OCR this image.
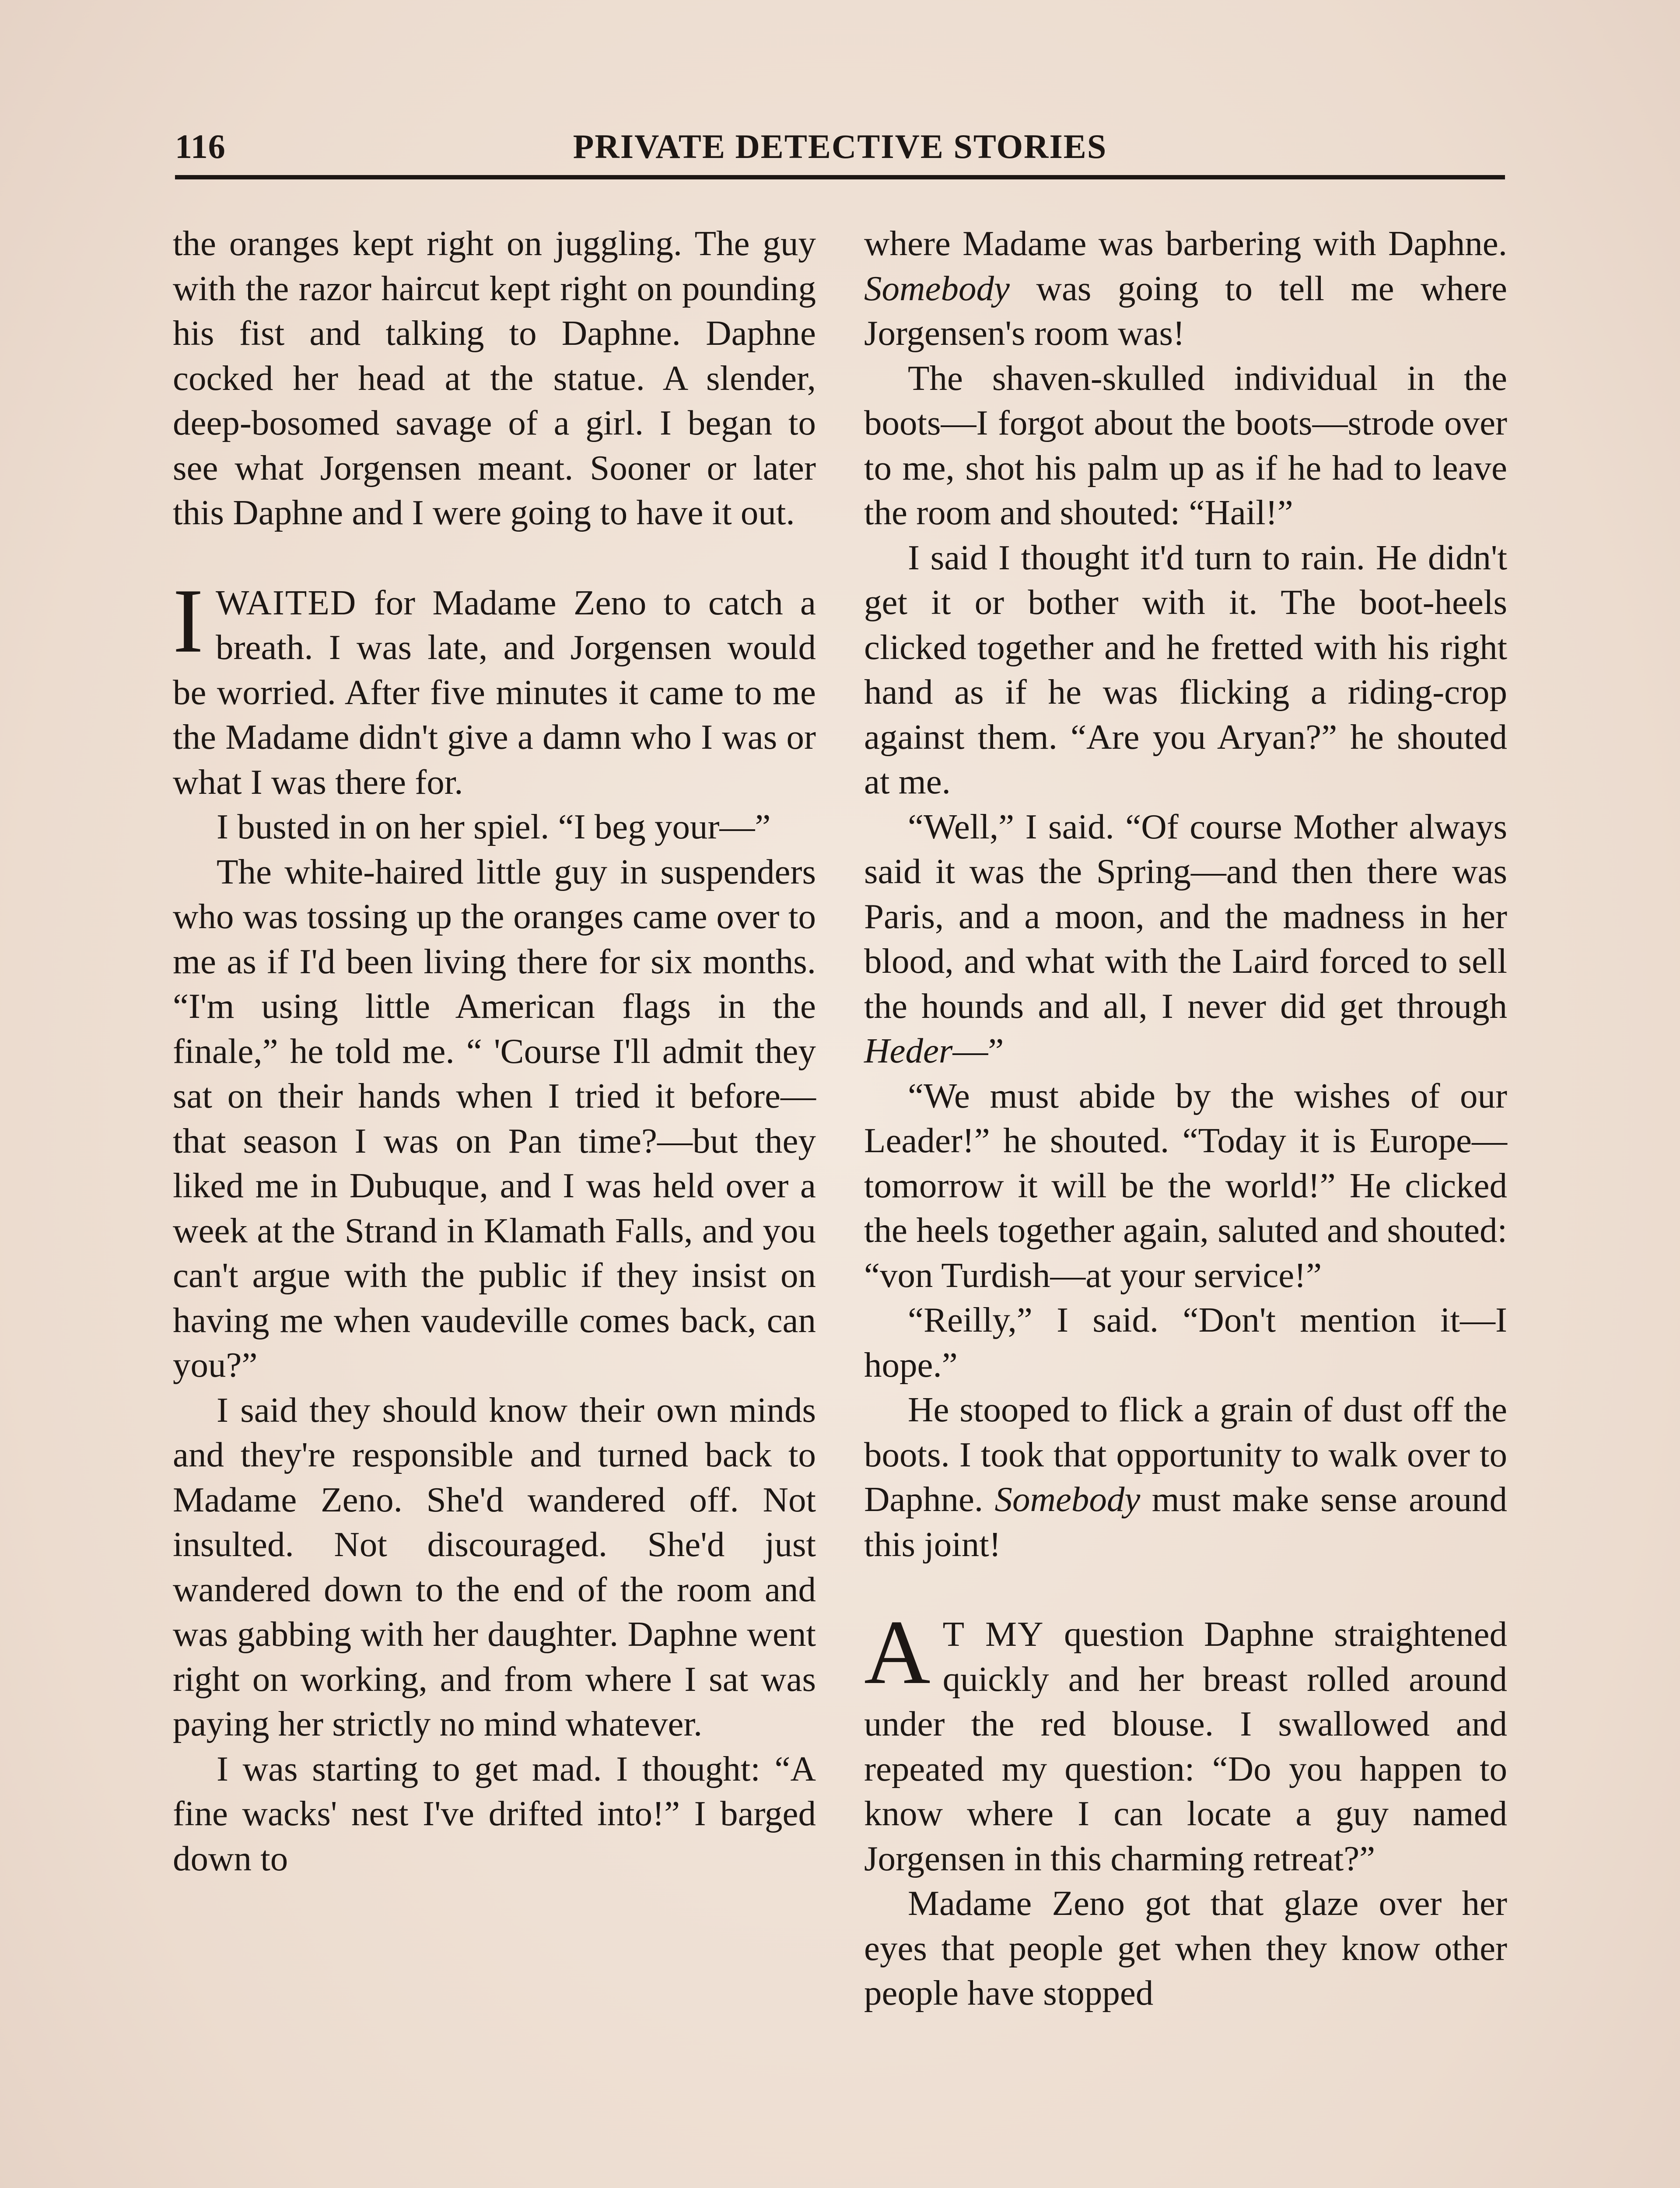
116	PRIVATE DETECTIVE STORIES

the oranges kept right on juggling. The guy with the razor haircut kept right on pounding his fist and talking to Daphne. Daphne cocked her head at the statue. A slender, deep-bosomed savage of a girl. I began to see what Jorgensen meant. Sooner or later this Daphne and I were going to have it out.

IWAITED for Madame Zeno to catch a breath. I was late, and Jorgensen would be worried. After five minutes it came to me the Madame didn't give a damn who I was or what I was there for.

I busted in on her spiel. “I beg your—”

The white-haired little guy in suspenders who was tossing up the oranges came over to me as if I'd been living there for six months. “I'm using little American flags in the finale,” he told me. “ 'Course I'll admit they sat on their hands when I tried it before—that season I was on Pan time?—but they liked me in Dubuque, and I was held over a week at the Strand in Klamath Falls, and you can't argue with the public if they insist on having me when vaudeville comes back, can you?”

I said they should know their own minds and they're responsible and turned back to Madame Zeno. She'd wandered off. Not insulted. Not discouraged. She'd just wandered down to the end of the room and was gabbing with her daughter. Daphne went right on working, and from where I sat was paying her strictly no mind whatever.

I was starting to get mad. I thought: “A fine wacks' nest I've drifted into!” I barged down to

where Madame was barbering with Daphne. Somebody was going to tell me where Jorgensen's room was!

The shaven-skulled individual in the boots—I forgot about the boots—strode over to me, shot his palm up as if he had to leave the room and shouted: “Hail!”

I said I thought it'd turn to rain. He didn't get it or bother with it. The boot-heels clicked together and he fretted with his right hand as if he was flicking a riding-crop against them. “Are you Aryan?” he shouted at me.

“Well,” I said. “Of course Mother always said it was the Spring—and then there was Paris, and a moon, and the madness in her blood, and what with the Laird forced to sell the hounds and all, I never did get through Heder—”

“We must abide by the wishes of our Leader!” he shouted. “Today it is Europe—tomorrow it will be the world!” He clicked the heels together again, saluted and shouted: “von Turdish—at your service!”

“Reilly,” I said. “Don't mention it—I hope.”

He stooped to flick a grain of dust off the boots. I took that opportunity to walk over to Daphne. Somebody must make sense around this joint!

A T MY question Daphne straightened quickly and her breast rolled around under the red blouse. I swallowed and repeated my question: “Do you happen to know where I can locate a guy named Jorgensen in this charming retreat?”

Madame Zeno got that glaze over her eyes that people get when they know other people have stopped
